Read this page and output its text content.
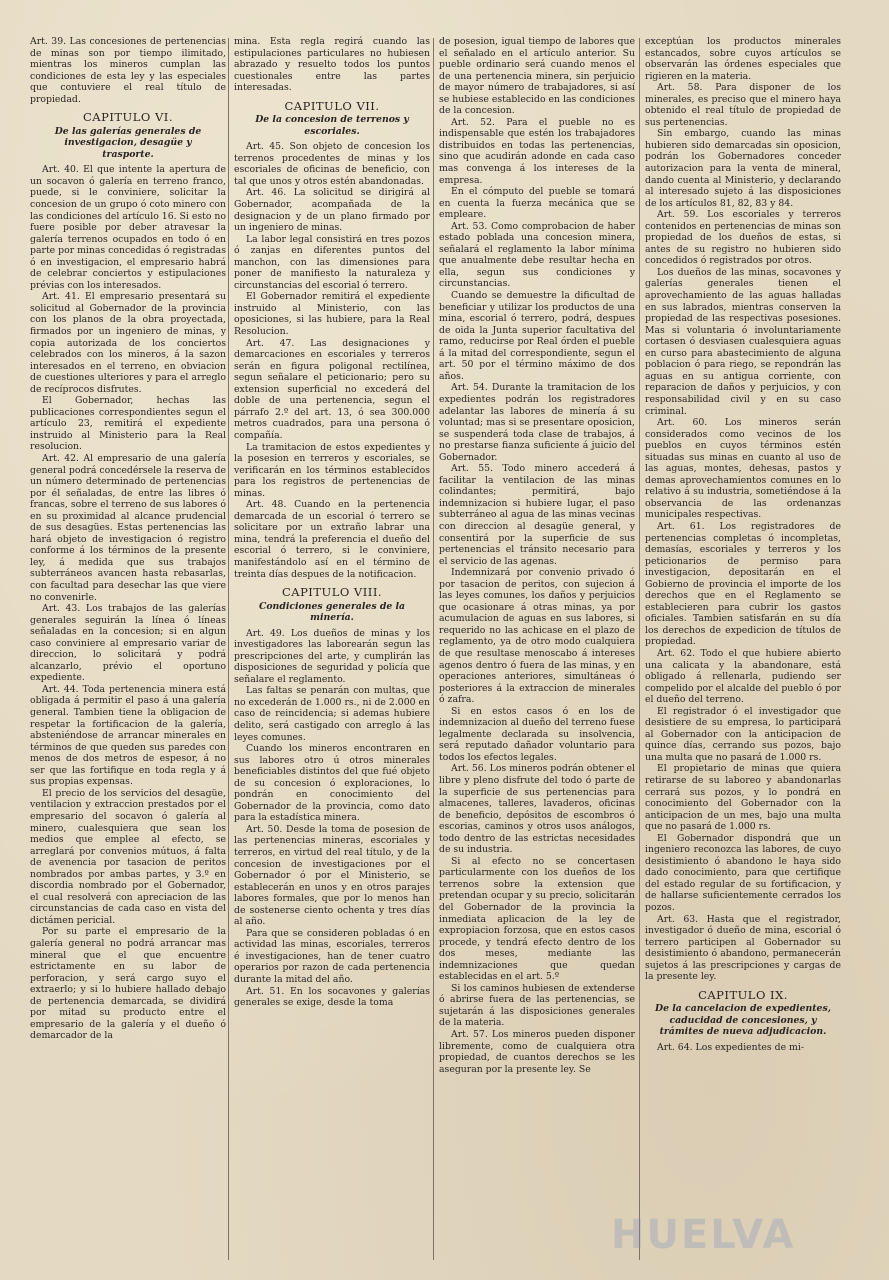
Art. 39. Las concesiones de pertenencias de minas son por tiempo ilimitado, mientras los mineros cumplan las condiciones de esta ley y las especiales que contuviere el real título de propiedad.

CAPITULO VI.
De las galerías generales de investigacion, desagüe y trasporte.

Art. 40. El que intente la apertura de un socavon ó galería en terreno franco, puede, si le conviniere, solicitar la concesion de un grupo ó coto minero con las condiciones del artículo 16. Si esto no fuere posible por deber atravesar la galería terrenos ocupados en todo ó en parte por minas concedidas ó registradas ó en investigacion, el empresario habrá de celebrar conciertos y estipulaciones prévias con los interesados.

Art. 41. El empresario presentará su solicitud al Gobernador de la provincia con los planos de la obra proyectada, firmados por un ingeniero de minas, y copia autorizada de los conciertos celebrados con los mineros, á la sazon interesados en el terreno, en obviacion de cuestiones ulteriores y para el arreglo de recíprocos disfrutes.

El Gobernador, hechas las publicaciones correspondientes segun el artículo 23, remitirá el expediente instruido al Ministerio para la Real resolucion.

Art. 42. Al empresario de una galería general podrá concedérsele la reserva de un número determinado de pertenencias por él señaladas, de entre las libres ó francas, sobre el terreno de sus labores ó en su proximidad al alcance prudencial de sus desagües. Estas pertenencias las hará objeto de investigacion ó registro conforme á los términos de la presente ley, á medida que sus trabajos subterráneos avancen hasta rebasarlas, con facultad para desechar las que viere no convenirle.

Art. 43. Los trabajos de las galerías generales seguirán la línea ó líneas señaladas en la concesion; si en algun caso conviniere al empresario variar de direccion, lo solicitará y podrá alcanzarlo, prévio el oportuno expediente.

Art. 44. Toda pertenencia minera está obligada á permitir el paso á una galería general. Tambien tiene la obligacion de respetar la fortificacion de la galería, absteniéndose de arrancar minerales en términos de que queden sus paredes con menos de dos metros de espesor, á no ser que las fortifique en toda regla y á sus propias expensas.

El precio de los servicios del desagüe, ventilacion y extraccion prestados por el empresario del socavon ó galería al minero, cualesquiera que sean los medios que emplee al efecto, se arreglará por convenios mútuos, á falta de avenencia por tasacion de peritos nombrados por ambas partes, y 3.º en discordia nombrado por el Gobernador, el cual resolverá con apreciacion de las circunstancias de cada caso en vista del dictámen pericial.

Por su parte el empresario de la galería general no podrá arrancar mas mineral que el que encuentre estrictamente en su labor de perforacion, y será cargo suyo el extraerlo; y si lo hubiere hallado debajo de pertenencia demarcada, se dividirá por mitad su producto entre el empresario de la galería y el dueño ó demarcador de la

mina. Esta regla regirá cuando las estipulaciones particulares no hubiesen abrazado y resuelto todos los puntos cuestionales entre las partes interesadas.

CAPITULO VII.
De la concesion de terrenos y escoriales.

Art. 45. Son objeto de concesion los terrenos procedentes de minas y los escoriales de oficinas de beneficio, con tal que unos y otros estén abandonadas.

Art. 46. La solicitud se dirigirá al Gobernador, acompañada de la designacion y de un plano firmado por un ingeniero de minas.

La labor legal consistirá en tres pozos ó zanjas en diferentes puntos del manchon, con las dimensiones para poner de manifiesto la naturaleza y circunstancias del escorial ó terrero.

El Gobernador remitirá el expediente instruido al Ministerio, con las oposiciones, si las hubiere, para la Real Resolucion.

Art. 47. Las designaciones y demarcaciones en escoriales y terreros serán en figura poligonal rectilínea, segun señalare el peticionario; pero su extension superficial no excederá del doble de una pertenencia, segun el párrafo 2.º del art. 13, ó sea 300.000 metros cuadrados, para una persona ó compañía.

La tramitacion de estos expedientes y la posesion en terreros y escoriales, se verificarán en los términos establecidos para los registros de pertenencias de minas.

Art. 48. Cuando en la pertenencia demarcada de un escorial ó terrero se solicitare por un extraño labrar una mina, tendrá la preferencia el dueño del escorial ó terrero, si le conviniere, manifestándolo así en el término de treinta días despues de la notificacion.

CAPITULO VIII.
Condiciones generales de la minería.

Art. 49. Los dueños de minas y los investigadores las laborearán segun las prescripciones del arte, y cumplirán las disposiciones de seguridad y policía que señalare el reglamento.

Las faltas se penarán con multas, que no excederán de 1.000 rs., ni de 2.000 en caso de reincidencia; si ademas hubiere delito, será castigado con arreglo á las leyes comunes.

Cuando los mineros encontraren en sus labores otro ú otros minerales beneficiables distintos del que fué objeto de su concesion ó exploraciones, lo pondrán en conocimiento del Gobernador de la provincia, como dato para la estadística minera.

Art. 50. Desde la toma de posesion de las pertenencias mineras, escoriales y terreros, en virtud del real título, y de la concesion de investigaciones por el Gobernador ó por el Ministerio, se establecerán en unos y en otros parajes labores formales, que por lo menos han de sostenerse ciento ochenta y tres días al año.

Para que se consideren pobladas ó en actividad las minas, escoriales, terreros é investigaciones, han de tener cuatro operarios por razon de cada pertenencia durante la mitad del año.

Art. 51. En los socavones y galerías generales se exige, desde la toma

de posesion, igual tiempo de labores que el señalado en el artículo anterior. Su pueble ordinario será cuando menos el de una pertenencia minera, sin perjuicio de mayor número de trabajadores, si así se hubiese establecido en las condiciones de la concesion.

Art. 52. Para el pueble no es indispensable que estén los trabajadores distribuidos en todas las pertenencias, sino que acudirán adonde en cada caso mas convenga á los intereses de la empresa.

En el cómputo del pueble se tomará en cuenta la fuerza mecánica que se empleare.

Art. 53. Como comprobacion de haber estado poblada una concesion minera, señalará el reglamento la labor mínima que anualmente debe resultar hecha en ella, segun sus condiciones y circunstancias.

Cuando se demuestre la dificultad de beneficiar y utilizar los productos de una mina, escorial ó terrero, podrá, despues de oida la Junta superior facultativa del ramo, reducirse por Real órden el pueble á la mitad del correspondiente, segun el art. 50 por el término máximo de dos años.

Art. 54. Durante la tramitacion de los expedientes podrán los registradores adelantar las labores de minería á su voluntad; mas si se presentare oposicion, se suspenderá toda clase de trabajos, á no prestarse fianza suficiente á juicio del Gobernador.

Art. 55. Todo minero accederá á facilitar la ventilacion de las minas colindantes; permitirá, bajo indemnizacion si hubiere lugar, el paso subterráneo al agua de las minas vecinas con direccion al desagüe general, y consentirá por la superficie de sus pertenencias el tránsito necesario para el servicio de las agenas.

Indemnizará por convenio privado ó por tasacion de peritos, con sujecion á las leyes comunes, los daños y perjuicios que ocasionare á otras minas, ya por acumulacion de aguas en sus labores, si requerido no las achicase en el plazo de reglamento, ya de otro modo cualquiera de que resultase menoscabo á intereses agenos dentro ó fuera de las minas, y en operaciones anteriores, simultáneas ó posteriores á la extraccion de minerales ó zafra.

Si en estos casos ó en los de indemnizacion al dueño del terreno fuese legalmente declarada su insolvencia, será reputado dañador voluntario para todos los efectos legales.

Art. 56. Los mineros podrán obtener el libre y pleno disfrute del todo ó parte de la superficie de sus pertenencias para almacenes, talleres, lavaderos, oficinas de beneficio, depósitos de escombros ó escorias, caminos y otros usos análogos, todo dentro de las estrictas necesidades de su industria.

Si al efecto no se concertasen particularmente con los dueños de los terrenos sobre la extension que pretendan ocupar y su precio, solicitarán del Gobernador de la provincia la inmediata aplicacion de la ley de expropiacion forzosa, que en estos casos procede, y tendrá efecto dentro de los dos meses, mediante las indemnizaciones que quedan establecidas en el art. 5.º

Si los caminos hubiesen de extenderse ó abrirse fuera de las pertenencias, se sujetarán á las disposiciones generales de la materia.

Art. 57. Los mineros pueden disponer libremente, como de cualquiera otra propiedad, de cuantos derechos se les aseguran por la presente ley. Se

exceptúan los productos minerales estancados, sobre cuyos artículos se observarán las órdenes especiales que rigieren en la materia.

Art. 58. Para disponer de los minerales, es preciso que el minero haya obtenido el real título de propiedad de sus pertenencias.

Sin embargo, cuando las minas hubieren sido demarcadas sin oposicion, podrán los Gobernadores conceder autorizacion para la venta de mineral, dando cuenta al Ministerio, y declarando al interesado sujeto á las disposiciones de los artículos 81, 82, 83 y 84.

Art. 59. Los escoriales y terreros contenidos en pertenencias de minas son propiedad de los dueños de estas, si antes de su registro no hubieren sido concedidos ó registrados por otros.

Los dueños de las minas, socavones y galerías generales tienen el aprovechamiento de las aguas halladas en sus labrados, mientras conserven la propiedad de las respectivas posesiones. Mas si voluntaria ó involuntariamente cortasen ó desviasen cualesquiera aguas en curso para abastecimiento de alguna poblacion ó para riego, se repondrán las aguas en su antigua corriente, con reparacion de daños y perjuicios, y con responsabilidad civil y en su caso criminal.

Art. 60. Los mineros serán considerados como vecinos de los pueblos en cuyos términos estén situadas sus minas en cuanto al uso de las aguas, montes, dehesas, pastos y demas aprovechamientos comunes en lo relativo á su industria, sometiéndose á la observancia de las ordenanzas municipales respectivas.

Art. 61. Los registradores de pertenencias completas ó incompletas, demasías, escoriales y terreros y los peticionarios de permiso para investigacion, depositarán en el Gobierno de provincia el importe de los derechos que en el Reglamento se establecieren para cubrir los gastos oficiales. Tambien satisfarán en su día los derechos de expedicion de títulos de propiedad.

Art. 62. Todo el que hubiere abierto una calicata y la abandonare, está obligado á rellenarla, pudiendo ser compelido por el alcalde del pueblo ó por el dueño del terreno.

El registrador ó el investigador que desistiere de su empresa, lo participará al Gobernador con la anticipacion de quince días, cerrando sus pozos, bajo una multa que no pasará de 1.000 rs.

El propietario de minas que quiera retirarse de su laboreo y abandonarlas cerrará sus pozos, y lo pondrá en conocimiento del Gobernador con la anticipacion de un mes, bajo una multa que no pasará de 1.000 rs.

El Gobernador dispondrá que un ingeniero reconozca las labores, de cuyo desistimiento ó abandono le haya sido dado conocimiento, para que certifique del estado regular de su fortificacion, y de hallarse suficientemente cerrados los pozos.

Art. 63. Hasta que el registrador, investigador ó dueño de mina, escorial ó terrero participen al Gobernador su desistimiento ó abandono, permanecerán sujetos á las prescripciones y cargas de la presente ley.

CAPITULO IX.
De la cancelacion de expedientes, caducidad de concesiones, y trámites de nueva adjudicacion.

Art. 64. Los expedientes de mi-

HUELVA
